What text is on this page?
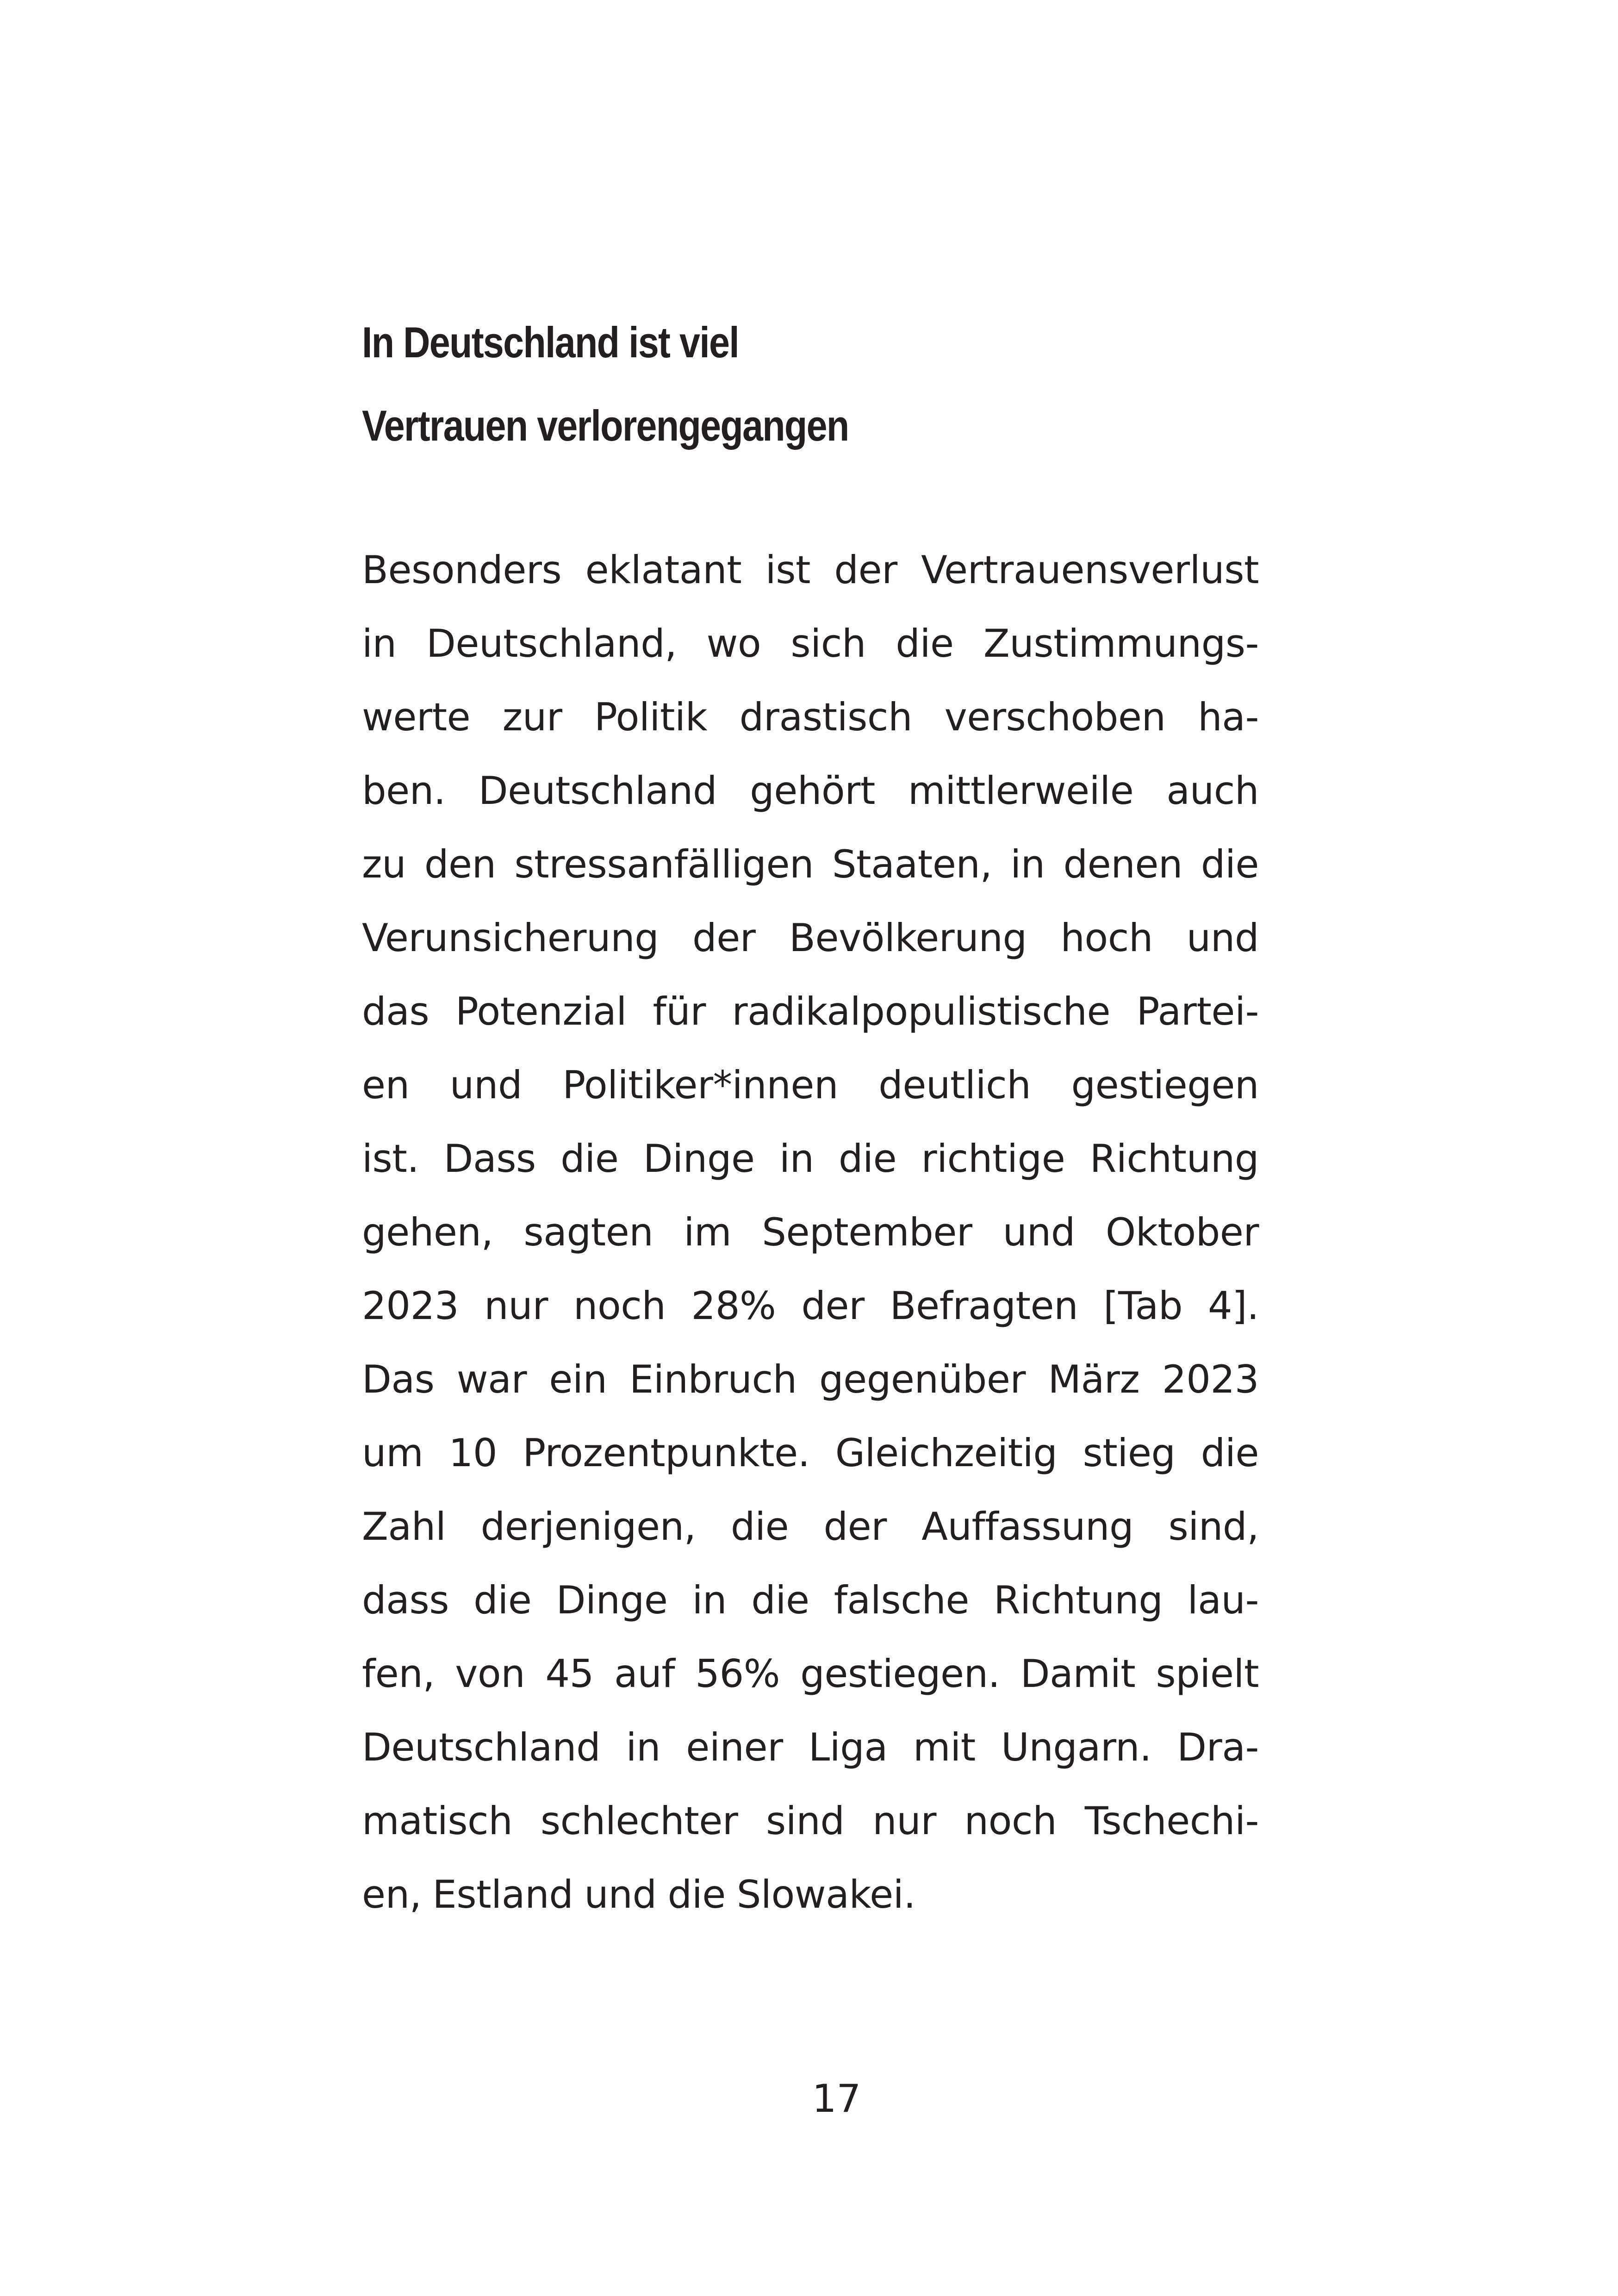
In Deutschland ist viel
Vertrauen verlorengegangen

Besonders eklatant ist der Vertrauensverlust
in Deutschland, wo sich die Zustimmungs-
werte zur Politik drastisch verschoben ha-
ben. Deutschland gehört mittlerweile auch
zu den stressanfälligen Staaten, in denen die
Verunsicherung der Bevölkerung hoch und
das Potenzial für radikalpopulistische Partei-
en und Politiker*innen deutlich gestiegen
ist. Dass die Dinge in die richtige Richtung
gehen, sagten im September und Oktober
2023 nur noch 28% der Befragten [Tab 4].
Das war ein Einbruch gegenüber März 2023
um 10 Prozentpunkte. Gleichzeitig stieg die
Zahl derjenigen, die der Auffassung sind,
dass die Dinge in die falsche Richtung lau-
fen, von 45 auf 56% gestiegen. Damit spielt
Deutschland in einer Liga mit Ungarn. Dra-
matisch schlechter sind nur noch Tschechi-
en, Estland und die Slowakei.

17
